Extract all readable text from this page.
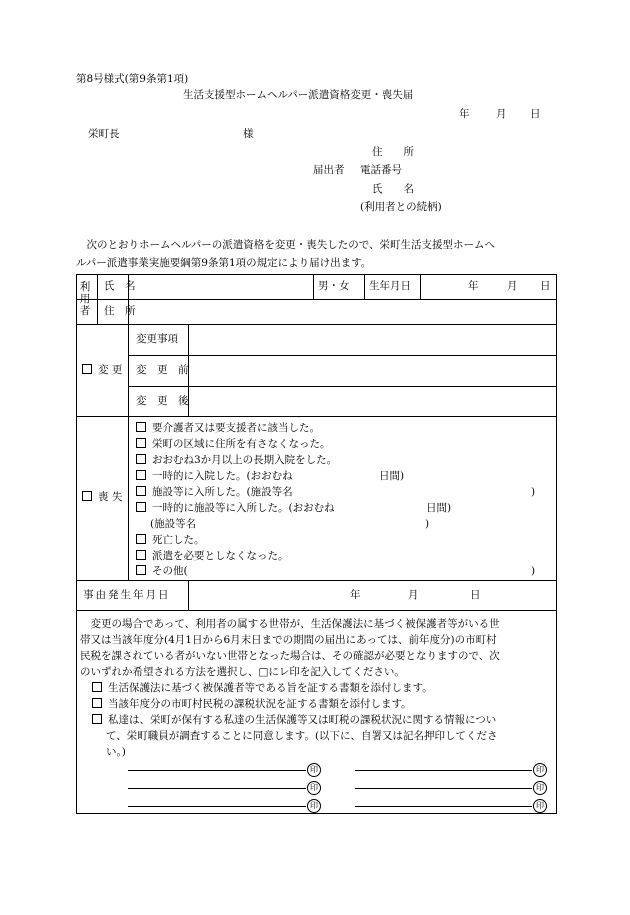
第8号様式(第9条第1項)
生活支援型ホームヘルパー派遣資格変更・喪失届
年	月 日
栄町長	様
住　　所
届出者 電話番号
氏　　名
(利用者との続柄)
　次のとおりホームヘルパーの派遣資格を変更・喪失したので、栄町生活支援型ホームへ
ルパー派遣事業実施要綱第9条第1項の規定により届け出ます。
利用者
氏　名	男・女 生年月日	年	月 日
住　所
変 更
変更事項
変　更　前
変　更　後
喪 失
要介護者又は要支援者に該当した。
栄町の区域に住所を有さなくなった。
おおむね3か月以上の長期入院をした。
一時的に入院した。(おおむね	日間)
施設等に入所した。(施設等名	)
一時的に施設等に入所した。(おおむね	日間)
(施設等名	)
死亡した。
派遣を必要としなくなった。
その他(	)
事由発生年月日	年	月	日
　変更の場合であって、利用者の属する世帯が、生活保護法に基づく被保護者等がいる世
帯又は当該年度分(4月1日から6月末日までの期間の届出にあっては、前年度分)の市町村
民税を課されている者がいない世帯となった場合は、その確認が必要となりますので、次
のいずれか希望される方法を選択し、□にレ印を記入してください。
生活保護法に基づく被保護者等である旨を証する書類を添付します。
当該年度分の市町村民税の課税状況を証する書類を添付します。
私達は、栄町が保有する私達の生活保護等又は町税の課税状況に関する情報につい
て、栄町職員が調査することに同意します。(以下に、自署又は記名押印してくださ
い。)
印	印
印	印
印	印
